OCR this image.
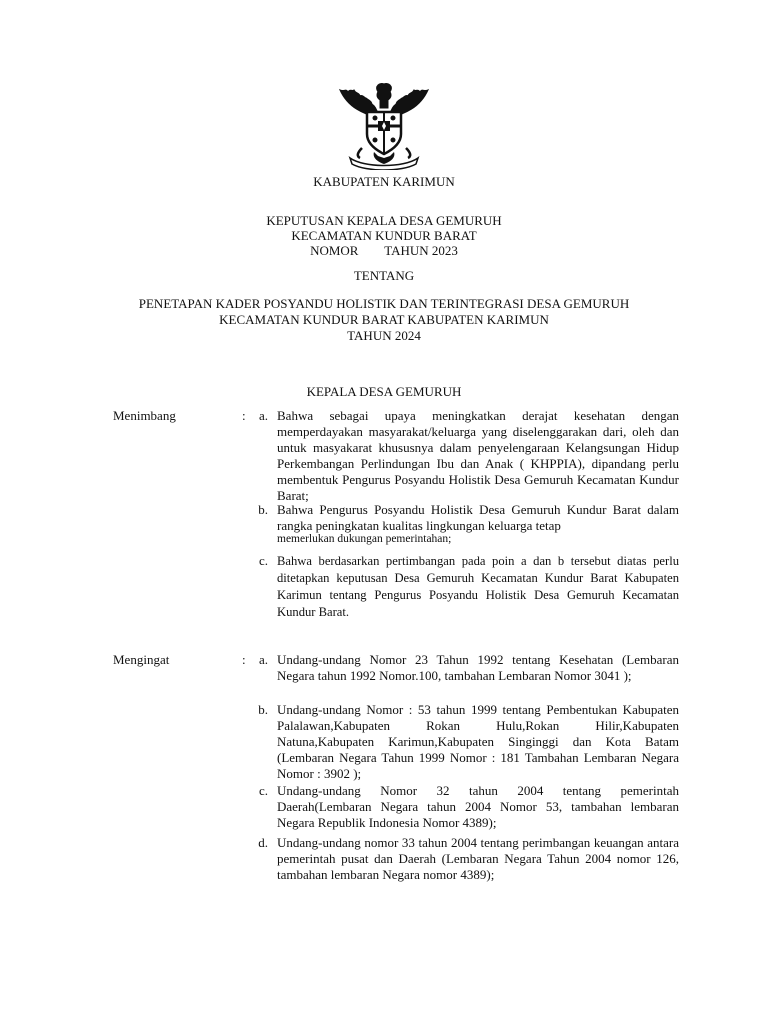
KABUPATEN KARIMUN
KEPUTUSAN KEPALA DESA GEMURUH
KECAMATAN KUNDUR BARAT
NOMOR        TAHUN 2023
TENTANG
PENETAPAN KADER POSYANDU HOLISTIK DAN TERINTEGRASI DESA GEMURUH
KECAMATAN KUNDUR BARAT KABUPATEN KARIMUN
TAHUN 2024
KEPALA DESA GEMURUH
Menimbang	:	a. Bahwa sebagai upaya meningkatkan derajat kesehatan dengan memperdayakan masyarakat/keluarga yang diselenggarakan dari, oleh dan untuk masyakarat khususnya dalam penyelengaraan Kelangsungan Hidup Perkembangan Perlindungan Ibu dan Anak ( KHPPIA), dipandang perlu membentuk Pengurus Posyandu Holistik Desa Gemuruh Kecamatan Kundur Barat;
b. Bahwa Pengurus Posyandu Holistik Desa Gemuruh Kundur Barat dalam rangka peningkatan kualitas lingkungan keluarga tetap
memerlukan dukungan pemerintahan;
c. Bahwa berdasarkan pertimbangan pada poin a dan b tersebut diatas perlu ditetapkan keputusan Desa Gemuruh Kecamatan Kundur Barat Kabupaten Karimun tentang Pengurus Posyandu Holistik Desa Gemuruh Kecamatan Kundur Barat.
Mengingat	:	a. Undang-undang Nomor 23 Tahun 1992 tentang Kesehatan (Lembaran Negara tahun 1992 Nomor.100, tambahan Lembaran Nomor 3041 );
b. Undang-undang Nomor : 53 tahun 1999 tentang Pembentukan Kabupaten Palalawan,Kabupaten Rokan Hulu,Rokan Hilir,Kabupaten Natuna,Kabupaten Karimun,Kabupaten Singinggi dan Kota Batam (Lembaran Negara Tahun 1999 Nomor : 181 Tambahan Lembaran Negara Nomor : 3902 );
c. Undang-undang Nomor 32 tahun 2004 tentang pemerintah Daerah(Lembaran Negara tahun 2004 Nomor 53, tambahan lembaran Negara Republik Indonesia Nomor 4389);
d. Undang-undang nomor 33 tahun 2004 tentang perimbangan keuangan antara pemerintah pusat dan Daerah (Lembaran Negara Tahun 2004 nomor 126, tambahan lembaran Negara nomor 4389);
